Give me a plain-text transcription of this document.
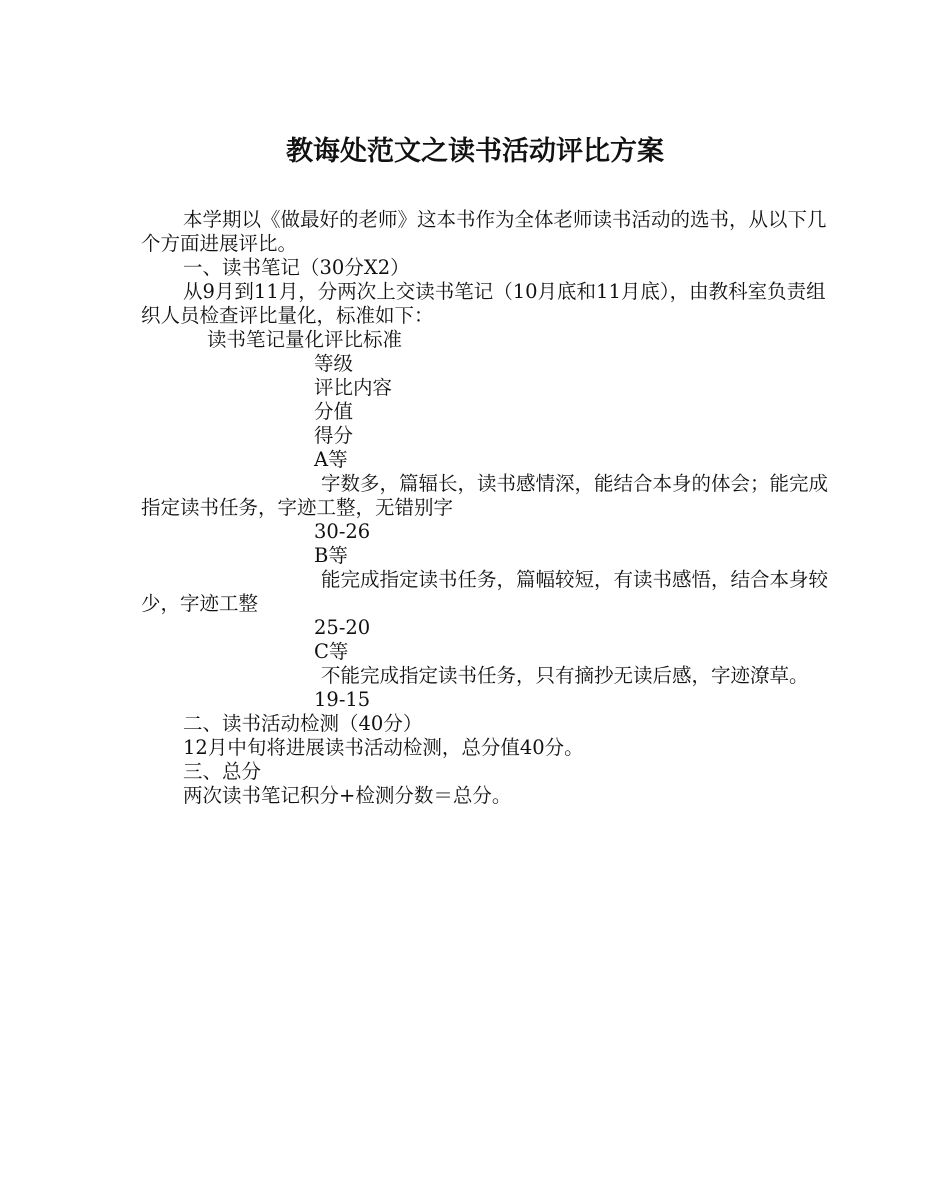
教诲处范文之读书活动评比方案

本学期以《做最好的老师》这本书作为全体老师读书活动的选书，从以下几个方面进展评比。

一、读书笔记（30分X2）

从9月到11月，分两次上交读书笔记（10月底和11月底），由教科室负责组织人员检查评比量化，标准如下：

读书笔记量化评比标准

等级

评比内容

分值

得分

A等

字数多，篇辐长，读书感情深，能结合本身的体会；能完成指定读书任务，字迹工整，无错别字

30-26

B等

能完成指定读书任务，篇幅较短，有读书感悟，结合本身较少，字迹工整

25-20

C等

不能完成指定读书任务，只有摘抄无读后感，字迹潦草。

19-15

二、读书活动检测（40分）

12月中旬将进展读书活动检测，总分值40分。

三、总分

两次读书笔记积分+检测分数＝总分。
